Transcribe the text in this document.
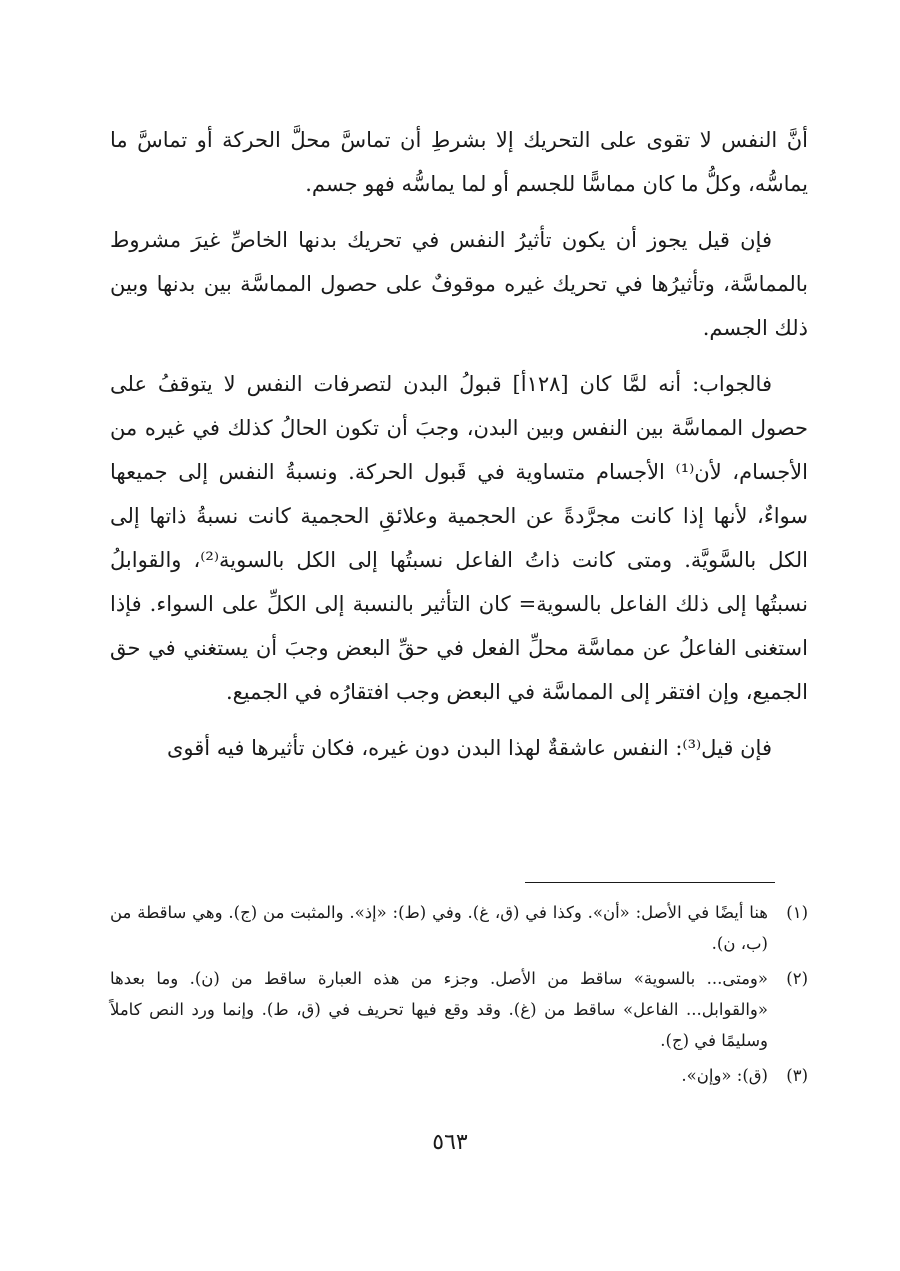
أنَّ النفس لا تقوى على التحريك إلا بشرطِ أن تماسَّ محلَّ الحركة أو تماسَّ ما يماسُّه، وكلُّ ما كان مماسًّا للجسم أو لما يماسُّه فهو جسم.

فإن قيل يجوز أن يكون تأثيرُ النفس في تحريك بدنها الخاصِّ غيرَ مشروط بالمماسَّة، وتأثيرُها في تحريك غيره موقوفٌ على حصول المماسَّة بين بدنها وبين ذلك الجسم.

فالجواب: أنه لمَّا كان [١٢٨أ] قبولُ البدن لتصرفات النفس لا يتوقفُ على حصول المماسَّة بين النفس وبين البدن، وجبَ أن تكون الحالُ كذلك في غيره من الأجسام، لأن⁽¹⁾ الأجسام متساوية في قَبول الحركة. ونسبةُ النفس إلى جميعها سواءٌ، لأنها إذا كانت مجرَّدةً عن الحجمية وعلائقِ الحجمية كانت نسبةُ ذاتها إلى الكل بالسَّويَّة. ومتى كانت ذاتُ الفاعل نسبتُها إلى الكل بالسوية⁽²⁾، والقوابلُ نسبتُها إلى ذلك الفاعل بالسوية= كان التأثير بالنسبة إلى الكلِّ على السواء. فإذا استغنى الفاعلُ عن مماسَّة محلِّ الفعل في حقِّ البعض وجبَ أن يستغني في حق الجميع، وإن افتقر إلى المماسَّة في البعض وجب افتقارُه في الجميع.

فإن قيل⁽³⁾: النفس عاشقةٌ لهذا البدن دون غيره، فكان تأثيرها فيه أقوى

(١)
هنا أيضًا في الأصل: «أن». وكذا في (ق، غ). وفي (ط): «إذ». والمثبت من (ج). وهي ساقطة من (ب، ن).
(٢)
«ومتى... بالسوية» ساقط من الأصل. وجزء من هذه العبارة ساقط من (ن). وما بعدها «والقوابل... الفاعل» ساقط من (غ). وقد وقع فيها تحريف في (ق، ط). وإنما ورد النص كاملاً وسليمًا في (ج).
(٣)
(ق): «وإن».
٥٦٣
